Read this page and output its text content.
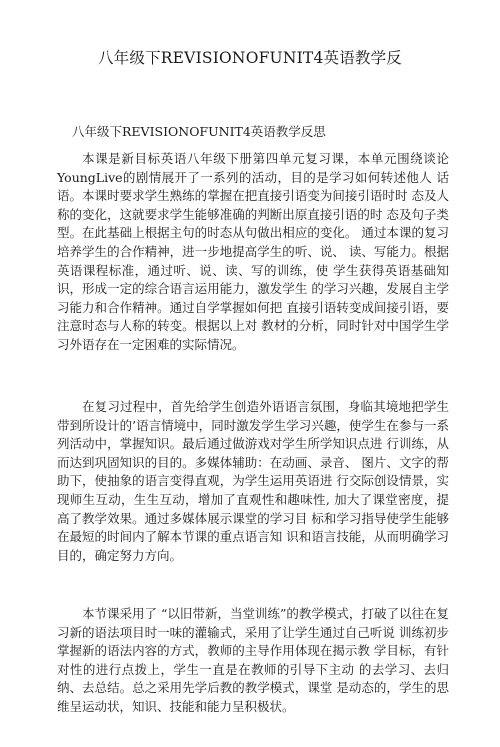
八年级下REVISIONOFUNIT4英语教学反
八年级下REVISIONOFUNIT4英语教学反思

本课是新目标英语八年级下册第四单元复习课，本单元围绕谈论YoungLive的剧情展开了一系列的活动，目的是学习如何转述他人 话语。本课时要求学生熟练的掌握在把直接引语变为间接引语时时 态及人称的变化，这就要求学生能够准确的判断出原直接引语的时 态及句子类型。在此基础上根据主句的时态从句做出相应的变化。 通过本课的复习培养学生的合作精神，进一步地提高学生的听、说、 读、写能力。根据英语课程标准，通过听、说、读、写的训练，使 学生获得英语基础知识，形成一定的综合语言运用能力，激发学生 的学习兴趣，发展自主学习能力和合作精神。通过自学掌握如何把 直接引语转变成间接引语，要注意时态与人称的转变。根据以上对 教材的分析，同时针对中国学生学习外语存在一定困难的实际情况。

在复习过程中，首先给学生创造外语语言氛围，身临其境地把学生带到所设计的’语言情境中，同时激发学生学习兴趣，使学生在参与一系列活动中，掌握知识。最后通过做游戏对学生所学知识点进 行训练，从而达到巩固知识的目的。多媒体辅助：在动画、录音、 图片、文字的帮助下，使抽象的语言变得直观，为学生运用英语进 行交际创设情景，实现师生互动，生生互动，增加了直观性和趣味性, 加大了课堂密度，提高了教学效果。通过多媒体展示课堂的学习目 标和学习指导使学生能够在最短的时间内了解本节课的重点语言知 识和语言技能，从而明确学习目的，确定努力方向。

本节课采用了 “以旧带新，当堂训练”的教学模式，打破了以往在复习新的语法项目时一味的灌输式，采用了让学生通过自己听说 训练初步掌握新的语法内容的方式，教师的主导作用体现在揭示教 学目标，有针对性的进行点拨上，学生一直是在教师的引导下主动 的去学习、去归纳、去总结。总之采用先学后教的教学模式，课堂 是动态的，学生的思维呈运动状，知识、技能和能力呈积极状。
